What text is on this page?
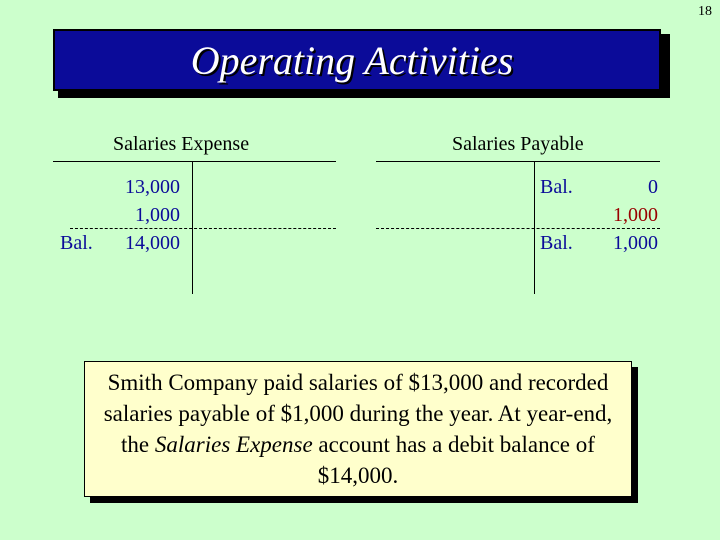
18
Operating Activities
Salaries Expense
13,000
1,000
Bal. 14,000
Salaries Payable
Bal.	0
1,000
Bal. 1,000
Smith Company paid salaries of $13,000 and recorded salaries payable of $1,000 during the year. At year-end, the Salaries Expense account has a debit balance of $14,000.
